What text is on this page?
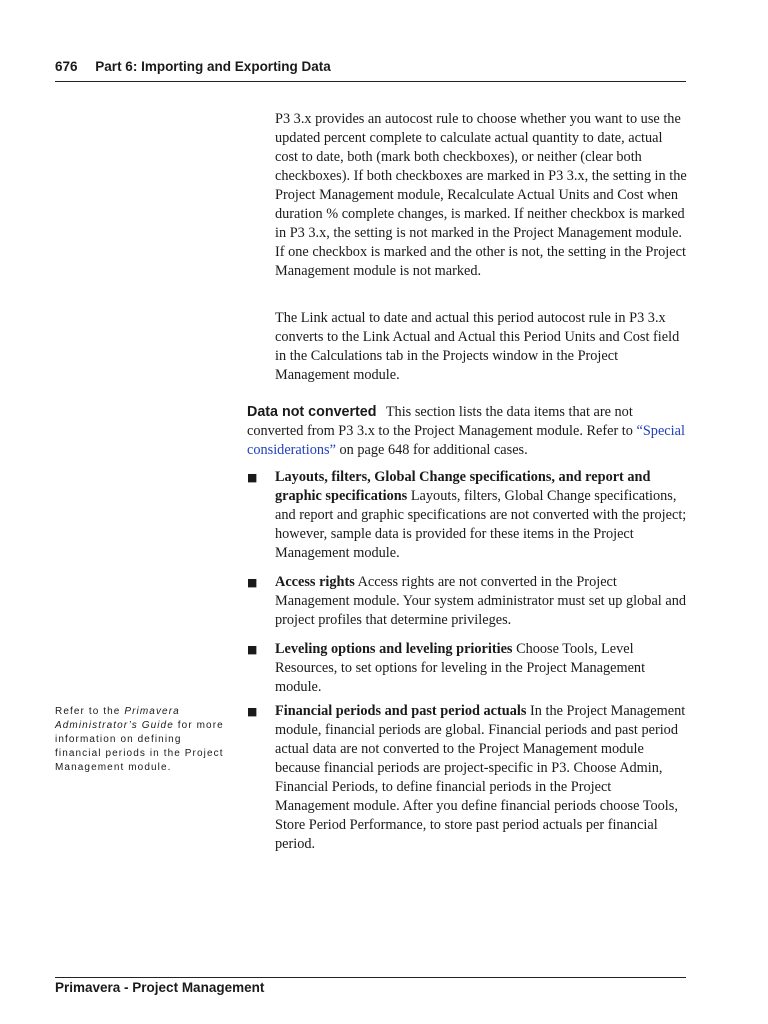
676 Part 6: Importing and Exporting Data
P3 3.x provides an autocost rule to choose whether you want to use the updated percent complete to calculate actual quantity to date, actual cost to date, both (mark both checkboxes), or neither (clear both checkboxes). If both checkboxes are marked in P3 3.x, the setting in the Project Management module, Recalculate Actual Units and Cost when duration % complete changes, is marked. If neither checkbox is marked in P3 3.x, the setting is not marked in the Project Management module. If one checkbox is marked and the other is not, the setting in the Project Management module is not marked.
The Link actual to date and actual this period autocost rule in P3 3.x converts to the Link Actual and Actual this Period Units and Cost field in the Calculations tab in the Projects window in the Project Management module.
Data not converted This section lists the data items that are not converted from P3 3.x to the Project Management module. Refer to “Special considerations” on page 648 for additional cases.
■ Layouts, filters, Global Change specifications, and report and graphic specifications Layouts, filters, Global Change specifications, and report and graphic specifications are not converted with the project; however, sample data is provided for these items in the Project Management module.
■ Access rights Access rights are not converted in the Project Management module. Your system administrator must set up global and project profiles that determine privileges.
■ Leveling options and leveling priorities Choose Tools, Level Resources, to set options for leveling in the Project Management module.
■ Financial periods and past period actuals In the Project Management module, financial periods are global. Financial periods and past period actual data are not converted to the Project Management module because financial periods are project-specific in P3. Choose Admin, Financial Periods, to define financial periods in the Project Management module. After you define financial periods choose Tools, Store Period Performance, to store past period actuals per financial period.
Refer to the Primavera Administrator’s Guide for more information on defining financial periods in the Project Management module.
Primavera - Project Management
